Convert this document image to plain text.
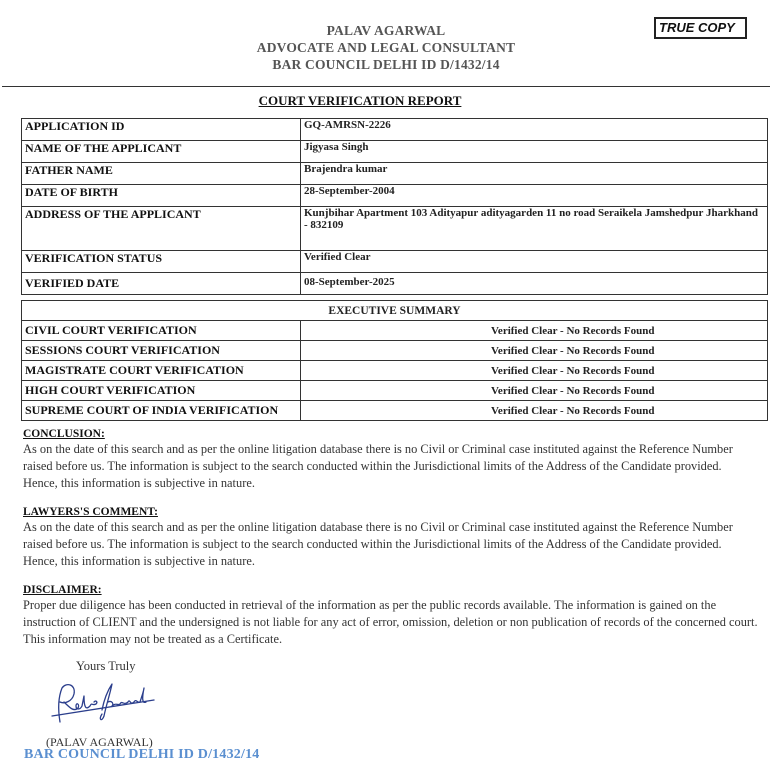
PALAV AGARWAL
ADVOCATE AND LEGAL CONSULTANT
BAR COUNCIL DELHI ID D/1432/14
TRUE COPY
COURT VERIFICATION REPORT
APPLICATION ID	GQ-AMRSN-2226
NAME OF THE APPLICANT	Jigyasa Singh
FATHER NAME	Brajendra kumar
DATE OF BIRTH	28-September-2004
ADDRESS OF THE APPLICANT	Kunjbihar Apartment 103 Adityapur adityagarden 11 no road Seraikela Jamshedpur Jharkhand - 832109
VERIFICATION STATUS	Verified Clear
VERIFIED DATE	08-September-2025
EXECUTIVE SUMMARY	
CIVIL COURT VERIFICATION	Verified Clear - No Records Found
SESSIONS COURT VERIFICATION	Verified Clear - No Records Found
MAGISTRATE COURT VERIFICATION	Verified Clear - No Records Found
HIGH COURT VERIFICATION	Verified Clear - No Records Found
SUPREME COURT OF INDIA VERIFICATION	Verified Clear - No Records Found
CONCLUSION:
As on the date of this search and as per the online litigation database there is no Civil or Criminal case instituted against the Reference Number raised before us. The information is subject to the search conducted within the Jurisdictional limits of the Address of the Candidate provided. Hence, this information is subjective in nature.
LAWYERS'S COMMENT:
As on the date of this search and as per the online litigation database there is no Civil or Criminal case instituted against the Reference Number raised before us. The information is subject to the search conducted within the Jurisdictional limits of the Address of the Candidate provided. Hence, this information is subjective in nature.
DISCLAIMER:
Proper due diligence has been conducted in retrieval of the information as per the public records available. The information is gained on the instruction of CLIENT and the undersigned is not liable for any act of error, omission, deletion or non publication of records of the concerned court. This information may not be treated as a Certificate.
Yours Truly
(PALAV AGARWAL)
BAR COUNCIL DELHI ID D/1432/14
